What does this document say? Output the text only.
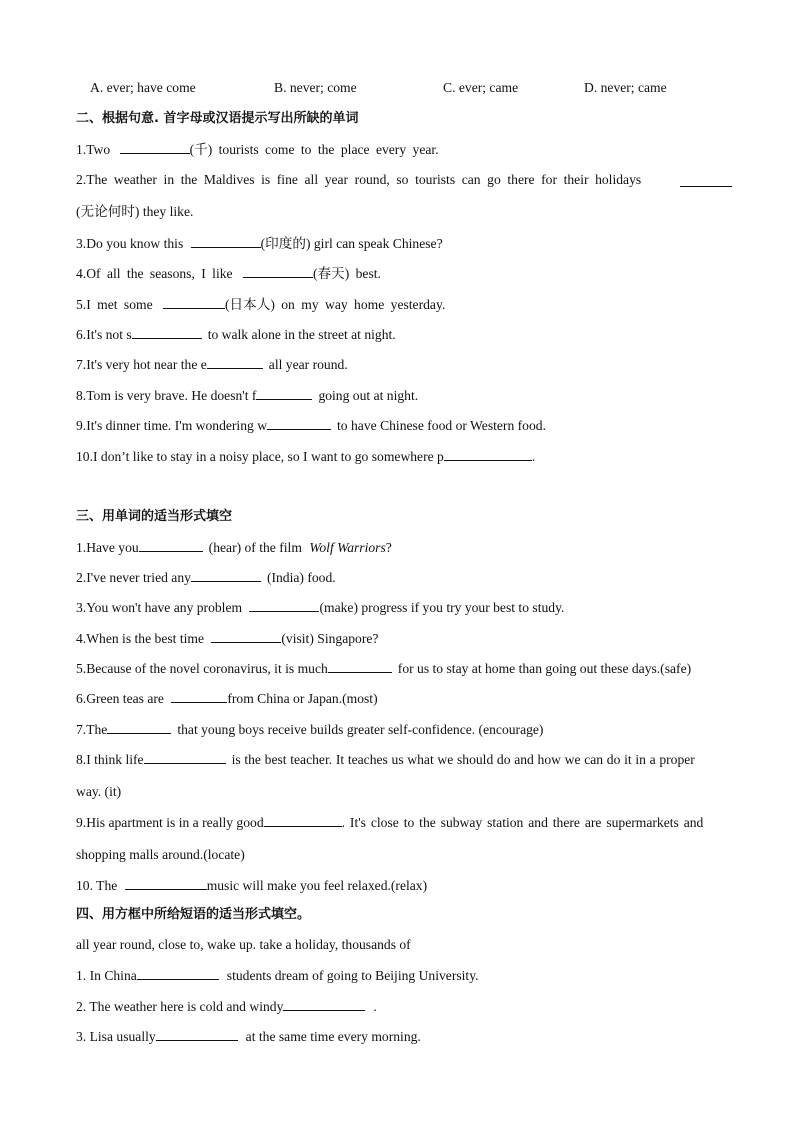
A. ever; have come	B. never; come	C. ever; came	D. never; came
二、根据句意. 首字母或汉语提示写出所缺的单词
1.Two	(千) tourists come to the place every year.
2.The weather in the Maldives is fine all year round, so tourists can go there for their holidays
(无论何时) they like.
3.Do you know this	(印度的) girl can speak Chinese?
4.Of all the seasons, I like	(春天) best.
5.I met some	(日本人) on my way home yesterday.
6.It's not s	to walk alone in the street at night.
7.It's very hot near the e	all year round.
8.Tom is very brave. He doesn't f	going out at night.
9.It's dinner time. I'm wondering w	to have Chinese food or Western food.
10.I don’t like to stay in a noisy place, so I want to go somewhere p	.
三、用单词的适当形式填空
1.Have you	(hear) of the film Wolf Warriors?
2.I've never tried any	(India) food.
3.You won't have any problem	(make) progress if you try your best to study.
4.When is the best time	(visit) Singapore?
5.Because of the novel coronavirus, it is much	for us to stay at home than going out these days.(safe)
6.Green teas are	from China or Japan.(most)
7.The	that young boys receive builds greater self-confidence. (encourage)
8.I think life	is the best teacher. It teaches us what we should do and how we can do it in a proper
way. (it)
9.His apartment is in a really good	. It's close to the subway station and there are supermarkets and
shopping malls around.(locate)
10. The	music will make you feel relaxed.(relax)
四、用方框中所给短语的适当形式填空。
all year round, close to, wake up. take a holiday, thousands of
1. In China	students dream of going to Beijing University.
2. The weather here is cold and windy	.
3. Lisa usually	at the same time every morning.
